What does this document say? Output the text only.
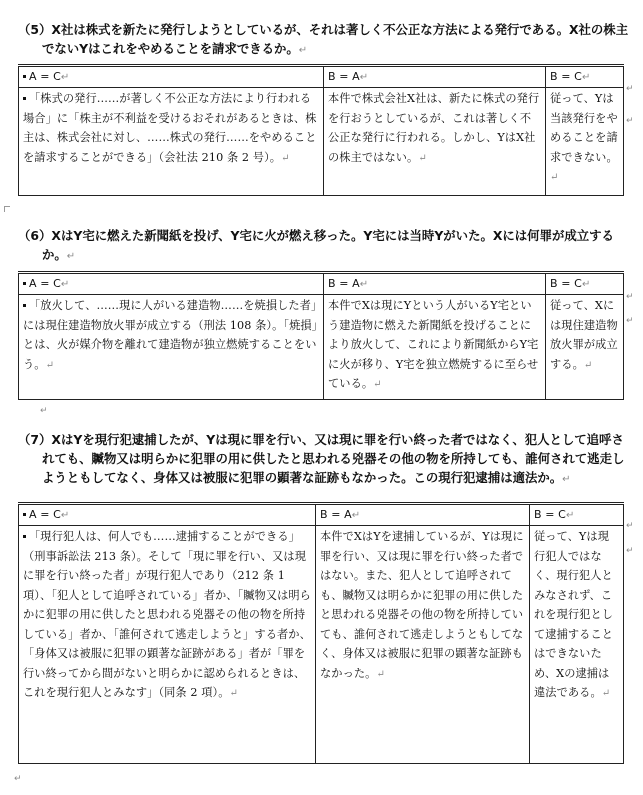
（5）X社は株式を新たに発行しようとしているが、それは著しく不公正な方法による発行である。X社の株主でないYはこれをやめることを請求できるか。↵
A = C↵	B = A↵	B = C↵
「株式の発行……が著しく不公正な方法により行われる場合」に「株主が不利益を受けるおそれがあるときは、株主は、株式会社に対し、……株式の発行……をやめることを請求することができる」（会社法 210 条 2 号）。↵	本件で株式会社X社は、新たに株式の発行を行おうとしているが、これは著しく不公正な発行に行われる。しかし、YはX社の株主ではない。↵	従って、Yは当該発行をやめることを請求できない。↵
（6）XはY宅に燃えた新聞紙を投げ、Y宅に火が燃え移った。Y宅には当時Yがいた。Xには何罪が成立するか。↵
A = C↵	B = A↵	B = C↵
「放火して、……現に人がいる建造物……を焼損した者」には現住建造物放火罪が成立する（刑法 108 条）。「焼損」とは、火が媒介物を離れて建造物が独立燃焼することをいう。↵	本件でXは現にYという人がいるY宅という建造物に燃えた新聞紙を投げることにより放火して、これにより新聞紙からY宅に火が移り、Y宅を独立燃焼するに至らせている。↵	従って、Xには現住建造物放火罪が成立する。↵
↵
（7）XはYを現行犯逮捕したが、Yは現に罪を行い、又は現に罪を行い終った者ではなく、犯人として追呼されても、贓物又は明らかに犯罪の用に供したと思われる兇器その他の物を所持しても、誰何されて逃走しようともしてなく、身体又は被服に犯罪の顕著な証跡もなかった。この現行犯逮捕は適法か。↵
A = C↵	B = A↵	B = C↵
「現行犯人は、何人でも……逮捕することができる」（刑事訴訟法 213 条）。そして「現に罪を行い、又は現に罪を行い終った者」が現行犯人であり（212 条 1 項）、「犯人として追呼されている」者か、「贓物又は明らかに犯罪の用に供したと思われる兇器その他の物を所持している」者か、「誰何されて逃走しようと」する者か、「身体又は被服に犯罪の顕著な証跡がある」者が「罪を行い終ってから間がないと明らかに認められるときは、これを現行犯人とみなす」（同条 2 項）。↵	本件でXはYを逮捕しているが、Yは現に罪を行い、又は現に罪を行い終った者ではない。また、犯人として追呼されても、贓物又は明らかに犯罪の用に供したと思われる兇器その他の物を所持していても、誰何されて逃走しようともしてなく、身体又は被服に犯罪の顕著な証跡もなかった。↵	従って、Yは現行犯人ではなく、現行犯人とみなされず、これを現行犯として逮捕することはできないため、Xの逮捕は違法である。↵
↵
↵
↵
↵
↵
↵
↵
